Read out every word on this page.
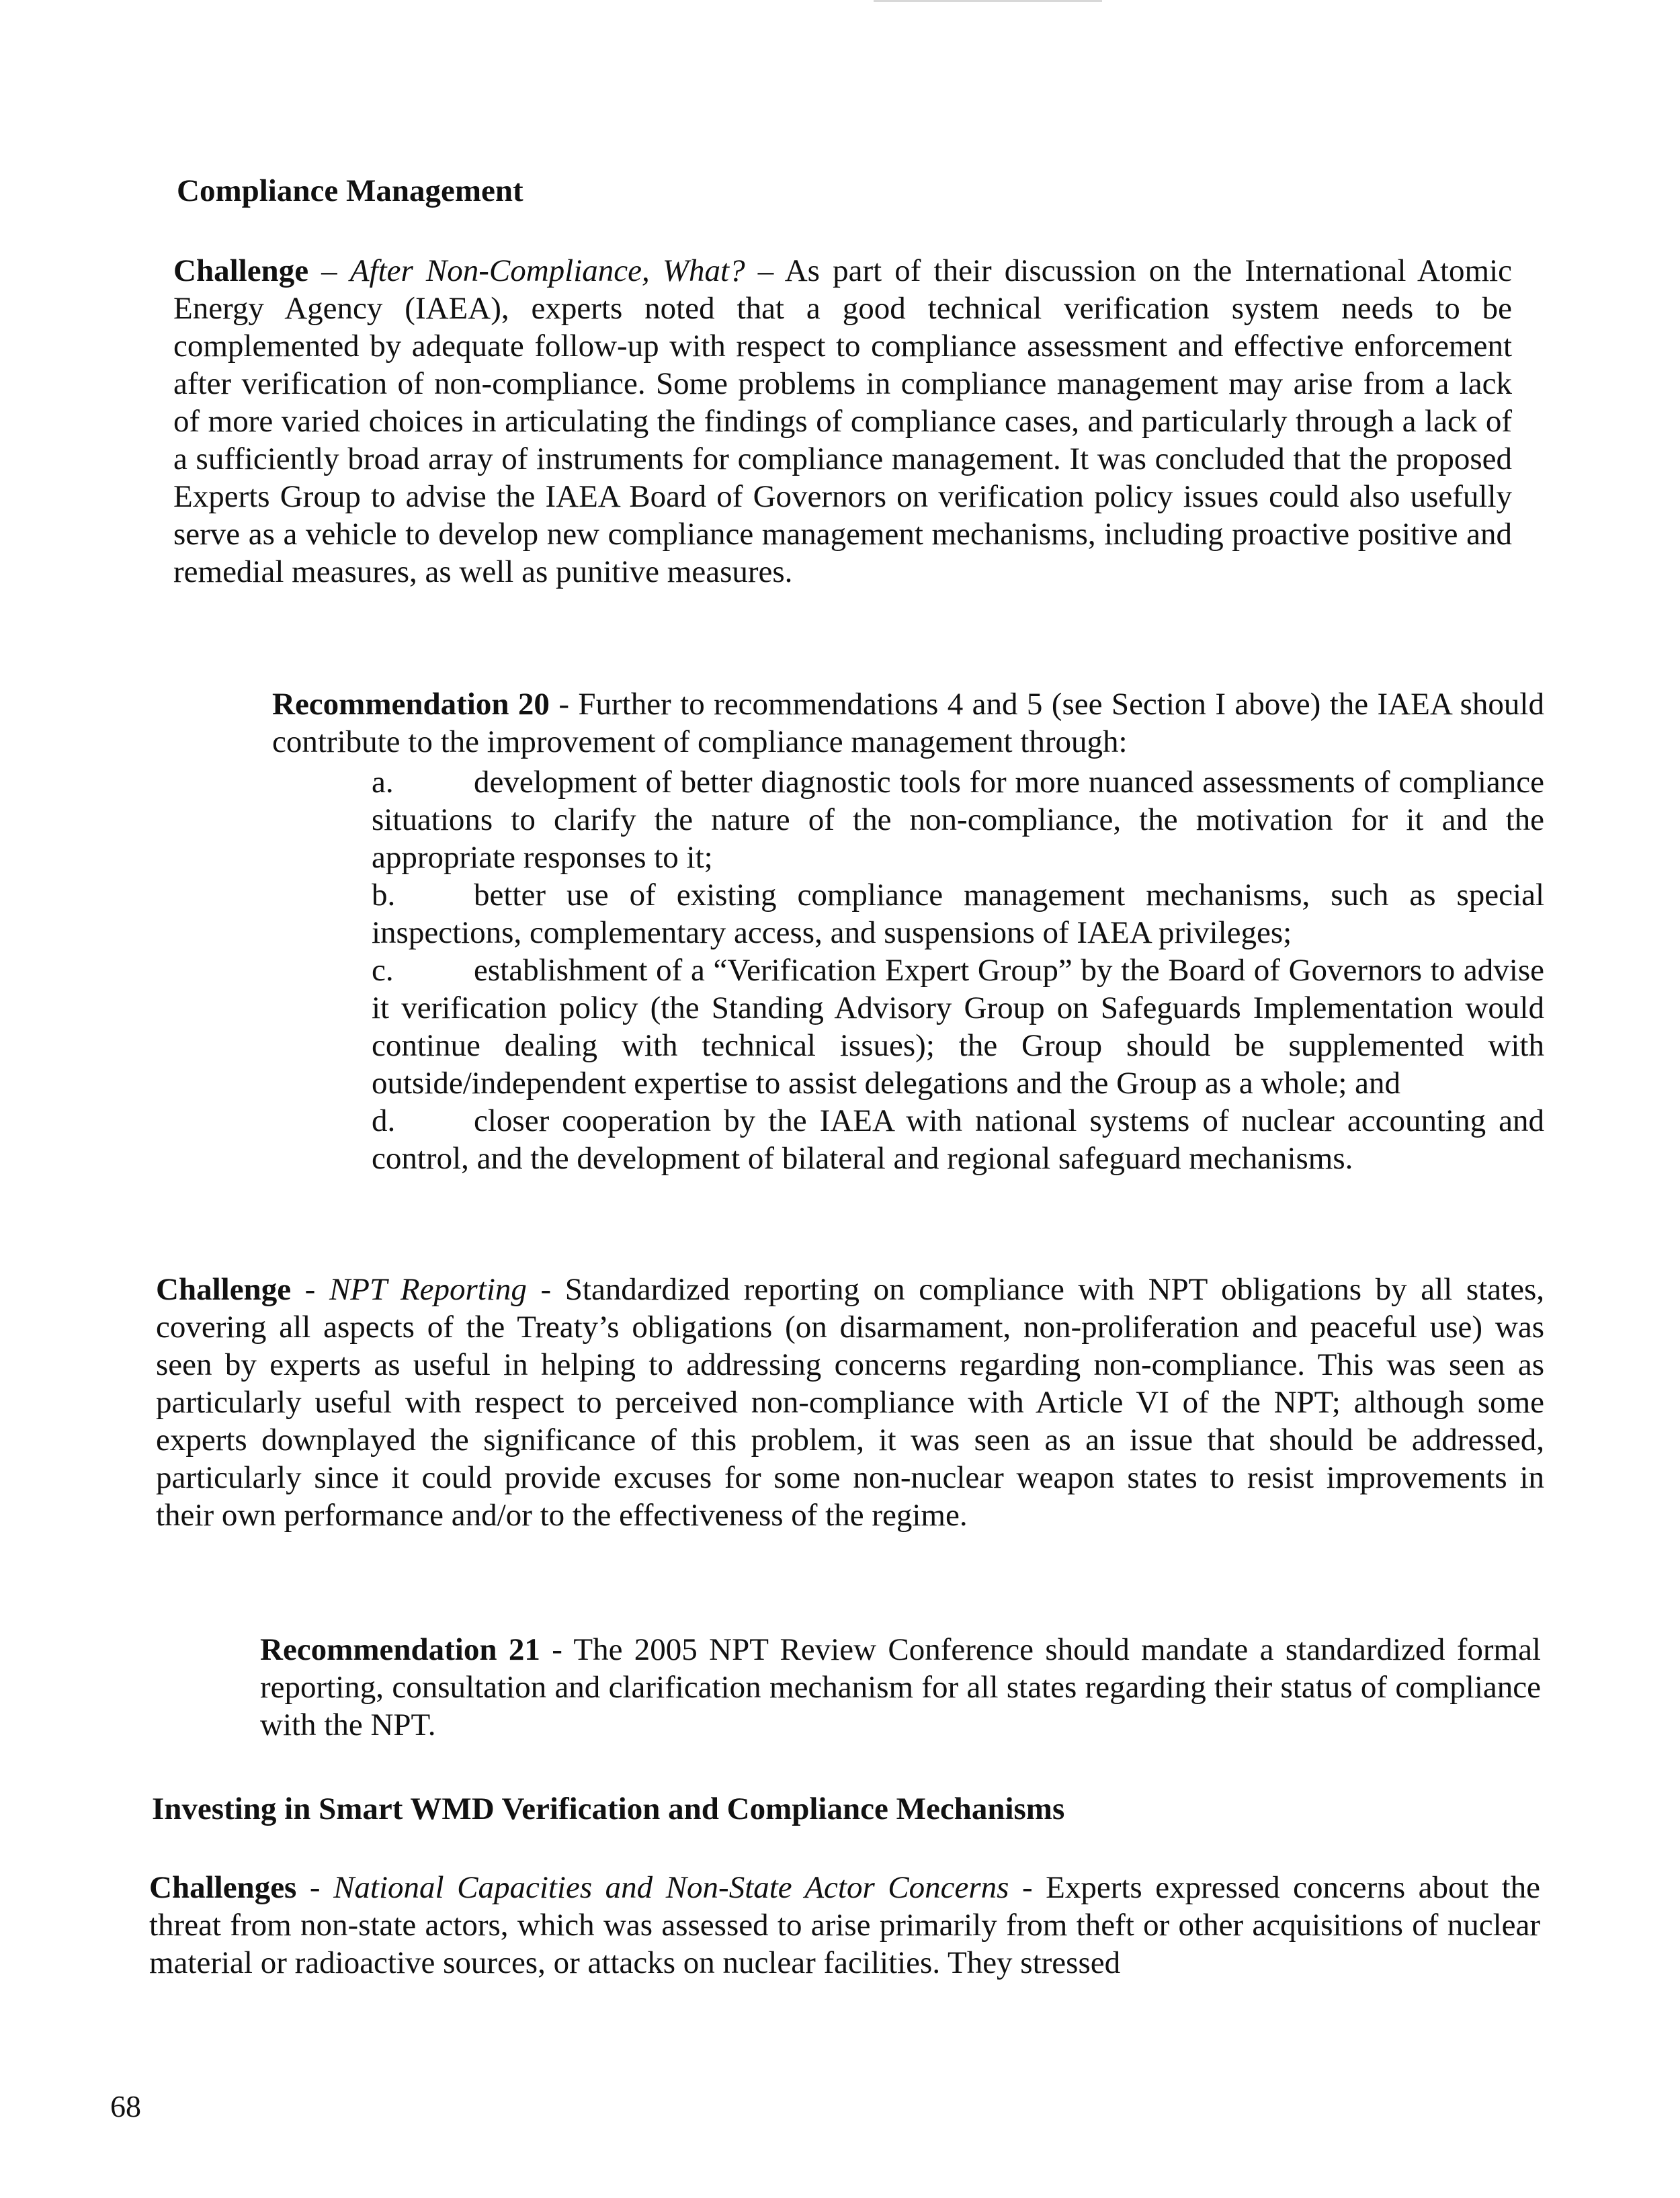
Compliance Management
Challenge – After Non-Compliance, What? – As part of their discussion on the International Atomic Energy Agency (IAEA), experts noted that a good technical verification system needs to be complemented by adequate follow-up with respect to compliance assessment and effective enforcement after verification of non-compliance. Some problems in compliance management may arise from a lack of more varied choices in articulating the findings of compliance cases, and particularly through a lack of a sufficiently broad array of instruments for compliance management. It was concluded that the proposed Experts Group to advise the IAEA Board of Governors on verification policy issues could also usefully serve as a vehicle to develop new compliance management mechanisms, including proactive positive and remedial measures, as well as punitive measures.
Recommendation 20 - Further to recommendations 4 and 5 (see Section I above) the IAEA should contribute to the improvement of compliance management through:
a.	development of better diagnostic tools for more nuanced assessments of compliance situations to clarify the nature of the non-compliance, the motivation for it and the appropriate responses to it;
b. better use of existing compliance management mechanisms, such as special inspections, complementary access, and suspensions of IAEA privileges;
c.	establishment of a “Verification Expert Group” by the Board of Governors to advise it verification policy (the Standing Advisory Group on Safeguards Implementation would continue dealing with technical issues); the Group should be supplemented with outside/independent expertise to assist delegations and the Group as a whole; and
d. closer cooperation by the IAEA with national systems of nuclear accounting and control, and the development of bilateral and regional safeguard mechanisms.
Challenge - NPT Reporting - Standardized reporting on compliance with NPT obligations by all states, covering all aspects of the Treaty’s obligations (on disarmament, non-proliferation and peaceful use) was seen by experts as useful in helping to addressing concerns regarding non-compliance. This was seen as particularly useful with respect to perceived non-compliance with Article VI of the NPT; although some experts downplayed the significance of this problem, it was seen as an issue that should be addressed, particularly since it could provide excuses for some non-nuclear weapon states to resist improvements in their own performance and/or to the effectiveness of the regime.
Recommendation 21 - The 2005 NPT Review Conference should mandate a standardized formal reporting, consultation and clarification mechanism for all states regarding their status of compliance with the NPT.
Investing in Smart WMD Verification and Compliance Mechanisms
Challenges - National Capacities and Non-State Actor Concerns - Experts expressed concerns about the threat from non-state actors, which was assessed to arise primarily from theft or other acquisitions of nuclear material or radioactive sources, or attacks on nuclear facilities. They stressed
68
